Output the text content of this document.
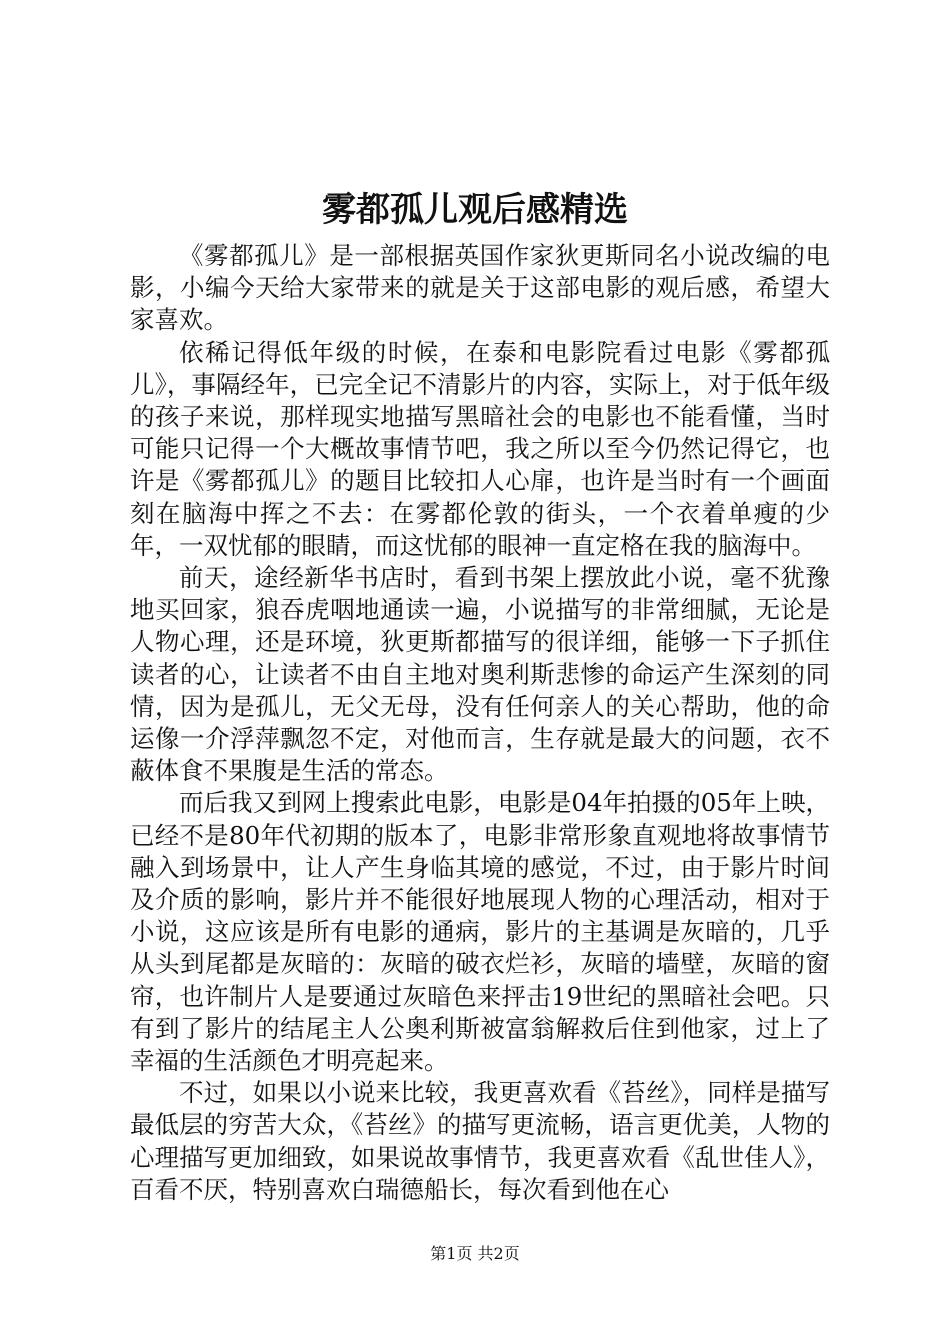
雾都孤儿观后感精选

《雾都孤儿》是一部根据英国作家狄更斯同名小说改编的电影，小编今天给大家带来的就是关于这部电影的观后感，希望大家喜欢。

依稀记得低年级的时候，在泰和电影院看过电影《雾都孤儿》，事隔经年，已完全记不清影片的内容，实际上，对于低年级的孩子来说，那样现实地描写黑暗社会的电影也不能看懂，当时可能只记得一个大概故事情节吧，我之所以至今仍然记得它，也许是《雾都孤儿》的题目比较扣人心扉，也许是当时有一个画面刻在脑海中挥之不去：在雾都伦敦的街头，一个衣着单瘦的少年，一双忧郁的眼睛，而这忧郁的眼神一直定格在我的脑海中。

前天，途经新华书店时，看到书架上摆放此小说，毫不犹豫地买回家，狼吞虎咽地通读一遍，小说描写的非常细腻，无论是人物心理，还是环境，狄更斯都描写的很详细，能够一下子抓住读者的心，让读者不由自主地对奥利斯悲惨的命运产生深刻的同情，因为是孤儿，无父无母，没有任何亲人的关心帮助，他的命运像一介浮萍飘忽不定，对他而言，生存就是最大的问题，衣不蔽体食不果腹是生活的常态。

而后我又到网上搜索此电影，电影是04年拍摄的05年上映，已经不是80年代初期的版本了，电影非常形象直观地将故事情节融入到场景中，让人产生身临其境的感觉，不过，由于影片时间及介质的影响，影片并不能很好地展现人物的心理活动，相对于小说，这应该是所有电影的通病，影片的主基调是灰暗的，几乎从头到尾都是灰暗的：灰暗的破衣烂衫，灰暗的墙壁，灰暗的窗帘，也许制片人是要通过灰暗色来抨击19世纪的黑暗社会吧。只有到了影片的结尾主人公奥利斯被富翁解救后住到他家，过上了幸福的生活颜色才明亮起来。

不过，如果以小说来比较，我更喜欢看《苔丝》，同样是描写最低层的穷苦大众，《苔丝》的描写更流畅，语言更优美，人物的心理描写更加细致，如果说故事情节，我更喜欢看《乱世佳人》，百看不厌，特别喜欢白瑞德船长，每次看到他在心

第1页 共2页
